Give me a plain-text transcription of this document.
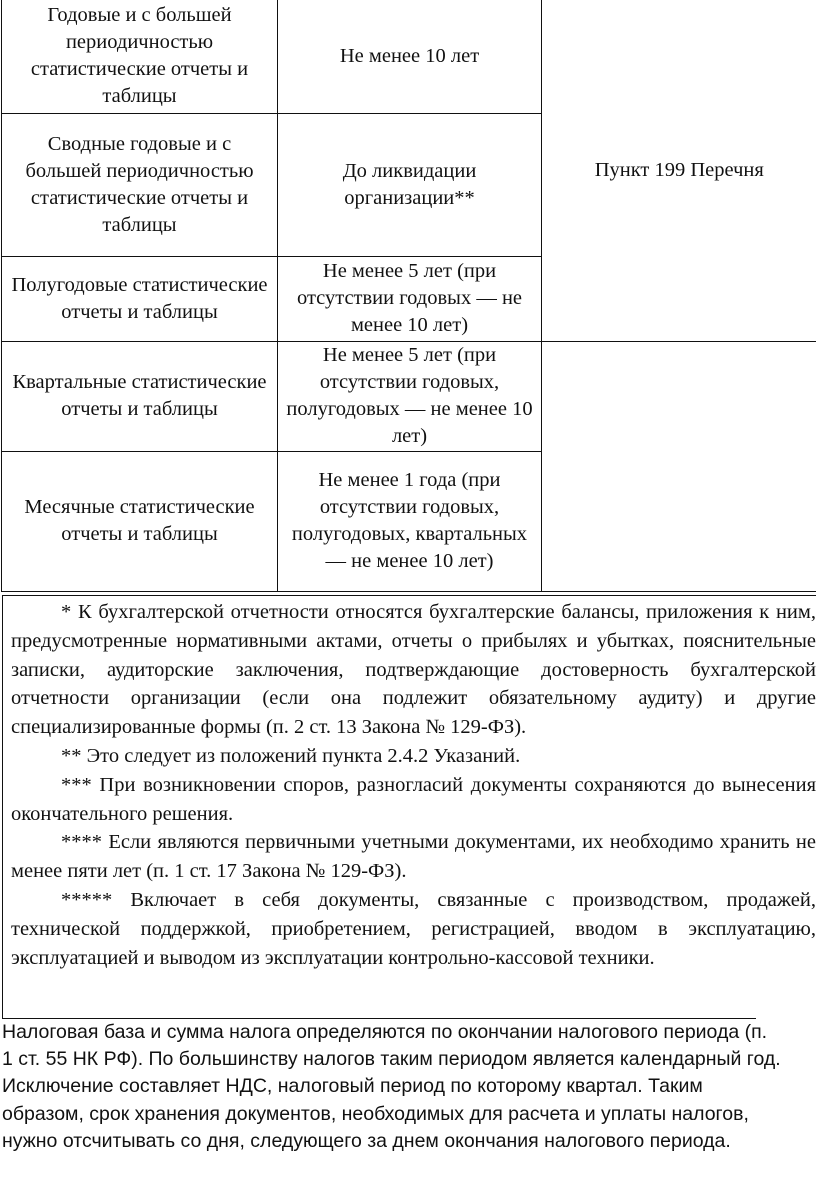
Годовые и с большей периодичностью статистические отчеты и таблицы	Не менее 10 лет	Пункт 199 Перечня
Сводные годовые и с большей периодичностью статистические отчеты и таблицы	До ликвидации организации**	
Полугодовые статистические отчеты и таблицы	Не менее 5 лет (при отсутствии годовых — не менее 10 лет)	
Квартальные статистические отчеты и таблицы	Не менее 5 лет (при отсутствии годовых, полугодовых — не менее 10 лет)	
Месячные статистические отчеты и таблицы	Не менее 1 года (при отсутствии годовых, полугодовых, квартальных — не менее 10 лет)	

* К бухгалтерской отчетности относятся бухгалтерские балансы, приложения к ним, предусмотренные нормативными актами, отчеты о прибылях и убытках, пояснительные записки, аудиторские заключения, подтверждающие достоверность бухгалтерской отчетности организации (если она подлежит обязательному аудиту) и другие специализированные формы (п. 2 ст. 13 Закона № 129-ФЗ).

** Это следует из положений пункта 2.4.2 Указаний.

*** При возникновении споров, разногласий документы сохраняются до вынесения окончательного решения.

**** Если являются первичными учетными документами, их необходимо хранить не менее пяти лет (п. 1 ст. 17 Закона № 129-ФЗ).

***** Включает в себя документы, связанные с производством, продажей, технической поддержкой, приобретением, регистрацией, вводом в эксплуатацию, эксплуатацией и выводом из эксплуатации контрольно-кассовой техники.

Налоговая база и сумма налога определяются по окончании налогового периода (п. 1 ст. 55 НК РФ). По большинству налогов таким периодом является календарный год. Исключение составляет НДС, налоговый период по которому квартал. Таким образом, срок хранения документов, необходимых для расчета и уплаты налогов, нужно отсчитывать со дня, следующего за днем окончания налогового периода.
